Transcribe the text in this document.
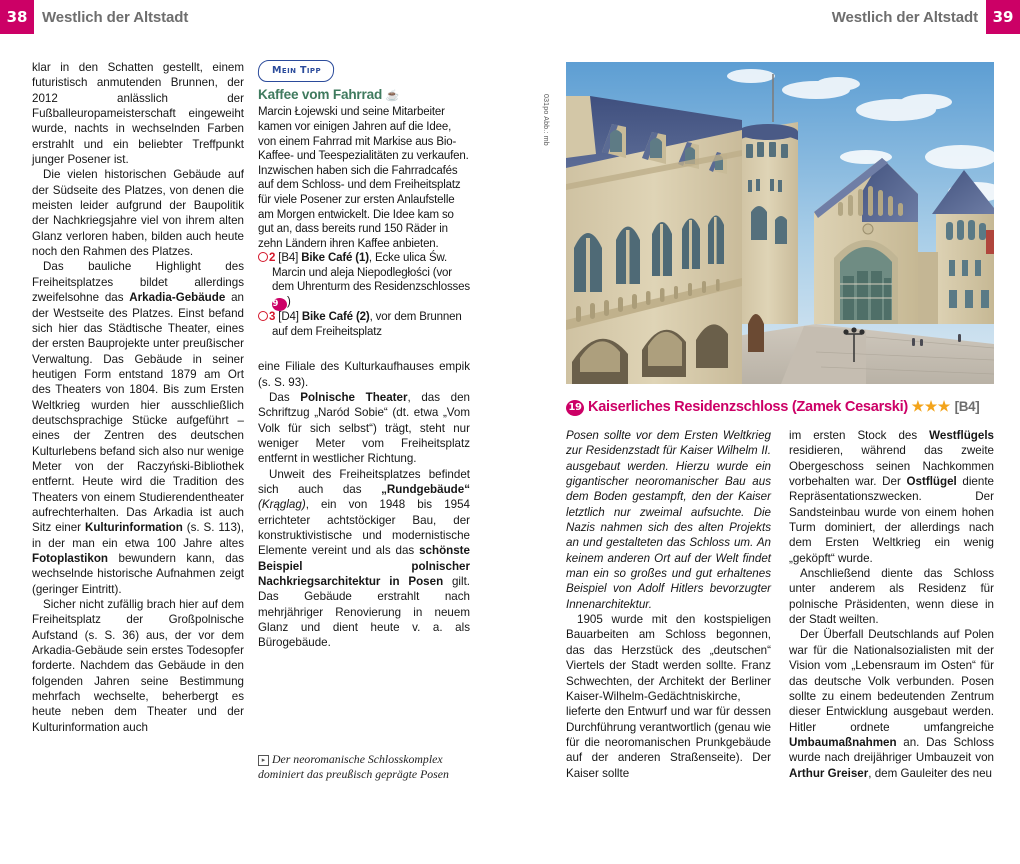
38 Westlich der Altstadt	Westlich der Altstadt 39

klar in den Schatten gestellt, einem futuristisch anmutenden Brunnen, der 2012 anlässlich der Fußballeuropameisterschaft eingeweiht wurde, nachts in wechselnden Farben erstrahlt und ein beliebter Treffpunkt junger Posener ist.

Die vielen historischen Gebäude auf der Südseite des Platzes, von denen die meisten leider aufgrund der Baupolitik der Nachkriegsjahre viel von ihrem alten Glanz verloren haben, bilden auch heute noch den Rahmen des Platzes.

Das bauliche Highlight des Freiheitsplatzes bildet allerdings zweifelsohne das Arkadia-Gebäude an der Westseite des Platzes. Einst befand sich hier das Städtische Theater, eines der ersten Bauprojekte unter preußischer Verwaltung. Das Gebäude in seiner heutigen Form entstand 1879 am Ort des Theaters von 1804. Bis zum Ersten Weltkrieg wurden hier ausschließlich deutschsprachige Stücke aufgeführt – eines der Zentren des deutschen Kulturlebens befand sich also nur wenige Meter von der Raczyński-Bibliothek entfernt. Heute wird die Tradition des Theaters von einem Studierendentheater aufrechterhalten. Das Arkadia ist auch Sitz einer Kulturinformation (s. S. 113), in der man ein etwa 100 Jahre altes Fotoplastikon bewundern kann, das wechselnde historische Aufnahmen zeigt (geringer Eintritt).

Sicher nicht zufällig brach hier auf dem Freiheitsplatz der Großpolnische Aufstand (s. S. 36) aus, der vor dem Arkadia-Gebäude sein erstes Todesopfer forderte. Nachdem das Gebäude in den folgenden Jahren seine Bestimmung mehrfach wechselte, beherbergt es heute neben dem Theater und der Kulturinformation auch

Mein Tipp
Kaffee vom Fahrrad ☕

Marcin Łojewski und seine Mitarbeiter kamen vor einigen Jahren auf die Idee, von einem Fahrrad mit Markise aus Bio-Kaffee- und Teespezialitäten zu verkaufen. Inzwischen haben sich die Fahrradcafés auf dem Schloss- und dem Freiheitsplatz für viele Posener zur ersten Anlaufstelle am Morgen entwickelt. Die Idee kam so gut an, dass bereits rund 150 Räder in zehn Ländern ihren Kaffee anbieten.

2 [B4] Bike Café (1), Ecke ulica Św. Marcin und aleja Niepodległości (vor dem Uhrenturm des Residenzschlosses 19 )
3 [D4] Bike Café (2), vor dem Brunnen auf dem Freiheitsplatz

eine Filiale des Kulturkaufhauses empik (s. S. 93).

Das Polnische Theater, das den Schriftzug „Naród Sobie“ (dt. etwa „Vom Volk für sich selbst“) trägt, steht nur weniger Meter vom Freiheitsplatz entfernt in westlicher Richtung.

Unweit des Freiheitsplatzes befindet sich auch das „Rundgebäude“ (Krąglag), ein von 1948 bis 1954 errichteter achtstöckiger Bau, der konstruktivistische und modernistische Elemente vereint und als das schönste Beispiel polnischer Nachkriegsarchitektur in Posen gilt. Das Gebäude erstrahlt nach mehrjähriger Renovierung in neuem Glanz und dient heute v. a. als Bürogebäude.

▸ Der neoromanische Schlosskomplex dominiert das preußisch geprägte Posen
031po Abb.: mb
19 Kaiserliches Residenzschloss (Zamek Cesarski) ★★★ [B4]

Posen sollte vor dem Ersten Weltkrieg zur Residenzstadt für Kaiser Wilhelm II. ausgebaut werden. Hierzu wurde ein gigantischer neoromanischer Bau aus dem Boden gestampft, den der Kaiser letztlich nur zweimal aufsuchte. Die Nazis nahmen sich des alten Projekts an und gestalteten das Schloss um. An keinem anderen Ort auf der Welt findet man ein so großes und gut erhaltenes Beispiel von Adolf Hitlers bevorzugter Innenarchitektur.

1905 wurde mit den kostspieligen Bauarbeiten am Schloss begonnen, das das Herzstück des „deutschen“ Viertels der Stadt werden sollte. Franz Schwechten, der Architekt der Berliner Kaiser-Wilhelm-Gedächtniskirche, lieferte den Entwurf und war für dessen Durchführung verantwortlich (genau wie für die neoromanischen Prunkgebäude auf der anderen Straßenseite). Der Kaiser sollte

im ersten Stock des Westflügels residieren, während das zweite Obergeschoss seinen Nachkommen vorbehalten war. Der Ostflügel diente Repräsentationszwecken. Der Sandsteinbau wurde von einem hohen Turm dominiert, der allerdings nach dem Ersten Weltkrieg ein wenig „geköpft“ wurde.

Anschließend diente das Schloss unter anderem als Residenz für polnische Präsidenten, wenn diese in der Stadt weilten.

Der Überfall Deutschlands auf Polen war für die Nationalsozialisten mit der Vision vom „Lebensraum im Osten“ für das deutsche Volk verbunden. Posen sollte zu einem bedeutenden Zentrum dieser Entwicklung ausgebaut werden. Hitler ordnete umfangreiche Umbaumaßnahmen an. Das Schloss wurde nach dreijähriger Umbauzeit von Arthur Greiser, dem Gauleiter des neu
